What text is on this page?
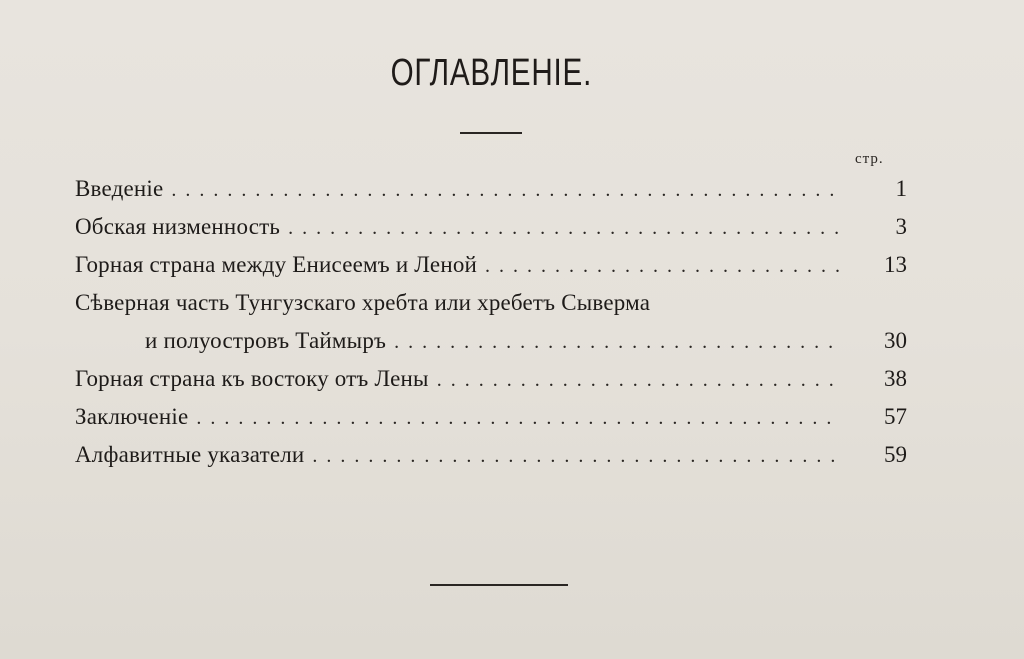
ОГЛАВЛЕНІЕ.
стр.
Введеніе . . .	1
Обская низменность . . .	3
Горная страна между Енисеемъ и Леной . . .	13
Сѣверная часть Тунгузскаго хребта или хребетъ Сыверма
и полуостровъ Таймыръ . . .	30
Горная страна къ востоку отъ Лены . . .	38
Заключеніе . . .	57
Алфавитные указатели . . .	59
